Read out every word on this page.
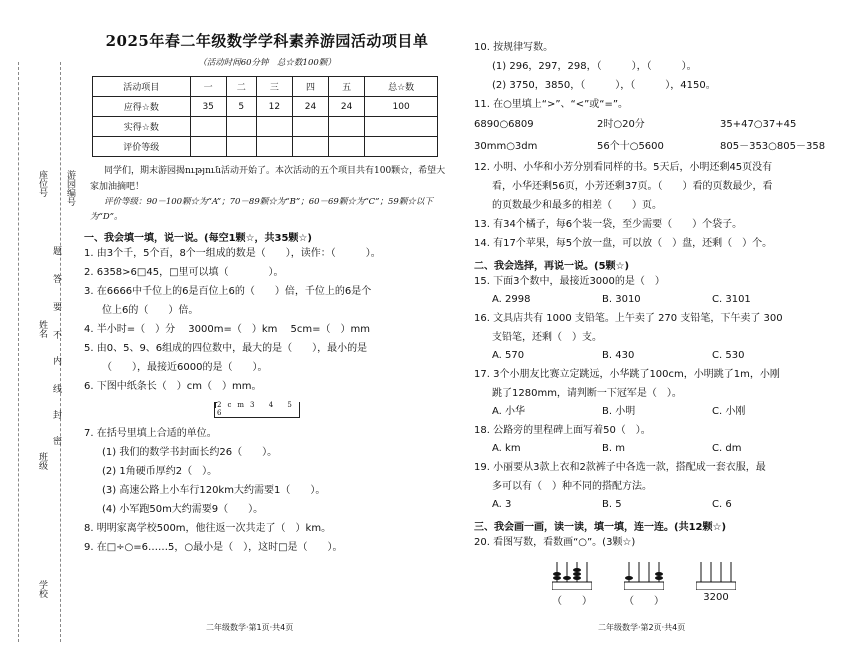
座位号
姓名
班级
学校
游园编号
题
答
要
不
内
线
封
密
2025年春二年级数学学科素养游园活动项目单
（活动时间60分钟　总☆数100颗）
活动项目	一	二	三	四	五	总☆数
应得☆数	35	5	12	24	24	100
实得☆数						
评价等级						
同学们，期末游园揭ություն活动开始了。本次活动的五个项目共有100颗☆，希望大家加油摘吧！
评价等级：90－100颗☆为“A”；70－89颗☆为“B”；60－69颗☆为“C”；59颗☆以下为“D”。
一、我会填一填，说一说。(每空1颗☆，共35颗☆)
1. 由3个千，5个百，8个一组成的数是（　　），读作：（　　　）。
2. 6358>6□45，□里可以填（　　　　）。
3. 在6666中千位上的6是百位上6的（　　）倍，千位上的6是个
位上6的（　　）倍。
4. 半小时=（　）分　 3000m=（　）km　 5cm=（　）mm
5. 由0、5、9、6组成的四位数中，最大的是（　　），最小的是
（　　），最接近6000的是（　　）。
6. 下图中纸条长（　）cm（　）mm。
2cm3 4 5 6
7. 在括号里填上合适的单位。
(1) 我们的数学书封面长约26（　　）。
(2) 1角硬币厚约2（　）。
(3) 高速公路上小车行120km大约需要1（　　）。
(4) 小军跑50m大约需要9（　　）。
8. 明明家离学校500m，他往返一次共走了（　）km。
9. 在□÷○=6……5，○最小是（　），这时□是（　　）。
二年级数学·第1页·共4页
10. 按规律写数。
(1) 296，297，298，（　　　），（　　　）。
(2) 3750，3850，（　　　），（　　　），4150。
11. 在○里填上“>”、“<”或“=”。
6890○6809	2时○20分	35+47○37+45
30mm○3dm	56个十○5600	805－353○805－358
12. 小明、小华和小芳分别看同样的书。5天后，小明还剩45页没有
看，小华还剩56页，小芳还剩37页。（　　）看的页数最少，看
的页数最少和最多的相差（　　）页。
13. 有34个橘子，每6个装一袋，至少需要（　　）个袋子。
14. 有17个苹果，每5个放一盘，可以放（　）盘，还剩（　）个。
二、我会选择，再说一说。(5颗☆)
15. 下面3个数中，最接近3000的是（　）
A. 2998	B. 3010	C. 3101
16. 文具店共有 1000 支铅笔。上午卖了 270 支铅笔，下午卖了 300
支铅笔，还剩（　）支。
A. 570	B. 430	C. 530
17. 3个小朋友比赛立定跳远，小华跳了100cm，小明跳了1m，小刚
跳了1280mm，请判断一下冠军是（　）。
A. 小华	B. 小明	C. 小刚
18. 公路旁的里程碑上面写着50（　）。
A. km	B. m	C. dm
19. 小丽要从3款上衣和2款裤子中各选一款，搭配成一套衣服，最
多可以有（　）种不同的搭配方法。
A. 3	B. 5	C. 6
三、我会画一画，读一读，填一填，连一连。(共12颗☆)
20. 看图写数，看数画“○”。(3颗☆)
（　　）	（　　）	3200
二年级数学·第2页·共4页
